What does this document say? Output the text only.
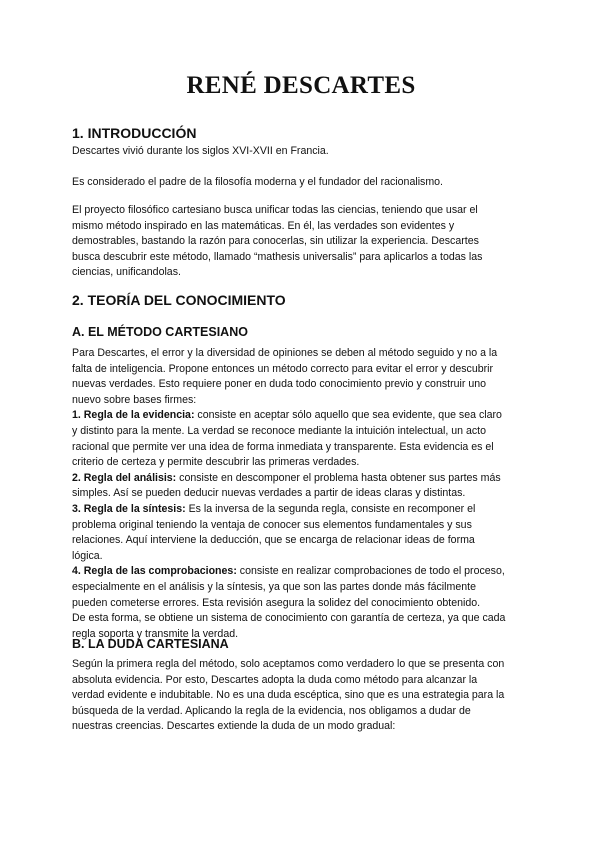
RENÉ DESCARTES
1. INTRODUCCIÓN

Descartes vivió durante los siglos XVI-XVII en Francia.

Es considerado el padre de la filosofía moderna y el fundador del racionalismo.

El proyecto filosófico cartesiano busca unificar todas las ciencias, teniendo que usar el
mismo método inspirado en las matemáticas. En él, las verdades son evidentes y
demostrables, bastando la razón para conocerlas, sin utilizar la experiencia. Descartes
busca descubrir este método, llamado “mathesis universalis” para aplicarlos a todas las
ciencias, unificandolas.

2. TEORÍA DEL CONOCIMIENTO
A. EL MÉTODO CARTESIANO

Para Descartes, el error y la diversidad de opiniones se deben al método seguido y no a la
falta de inteligencia. Propone entonces un método correcto para evitar el error y descubrir
nuevas verdades. Esto requiere poner en duda todo conocimiento previo y construir uno
nuevo sobre bases firmes:
1. Regla de la evidencia: consiste en aceptar sólo aquello que sea evidente, que sea claro
y distinto para la mente. La verdad se reconoce mediante la intuición intelectual, un acto
racional que permite ver una idea de forma inmediata y transparente. Esta evidencia es el
criterio de certeza y permite descubrir las primeras verdades.
2. Regla del análisis: consiste en descomponer el problema hasta obtener sus partes más
simples. Así se pueden deducir nuevas verdades a partir de ideas claras y distintas.
3. Regla de la síntesis: Es la inversa de la segunda regla, consiste en recomponer el
problema original teniendo la ventaja de conocer sus elementos fundamentales y sus
relaciones. Aquí interviene la deducción, que se encarga de relacionar ideas de forma
lógica.
4. Regla de las comprobaciones: consiste en realizar comprobaciones de todo el proceso,
especialmente en el análisis y la síntesis, ya que son las partes donde más fácilmente
pueden cometerse errores. Esta revisión asegura la solidez del conocimiento obtenido.
De esta forma, se obtiene un sistema de conocimiento con garantía de certeza, ya que cada
regla soporta y transmite la verdad.

B. LA DUDA CARTESIANA

Según la primera regla del método, solo aceptamos como verdadero lo que se presenta con
absoluta evidencia. Por esto, Descartes adopta la duda como método para alcanzar la
verdad evidente e indubitable. No es una duda escéptica, sino que es una estrategia para la
búsqueda de la verdad. Aplicando la regla de la evidencia, nos obligamos a dudar de
nuestras creencias. Descartes extiende la duda de un modo gradual:
